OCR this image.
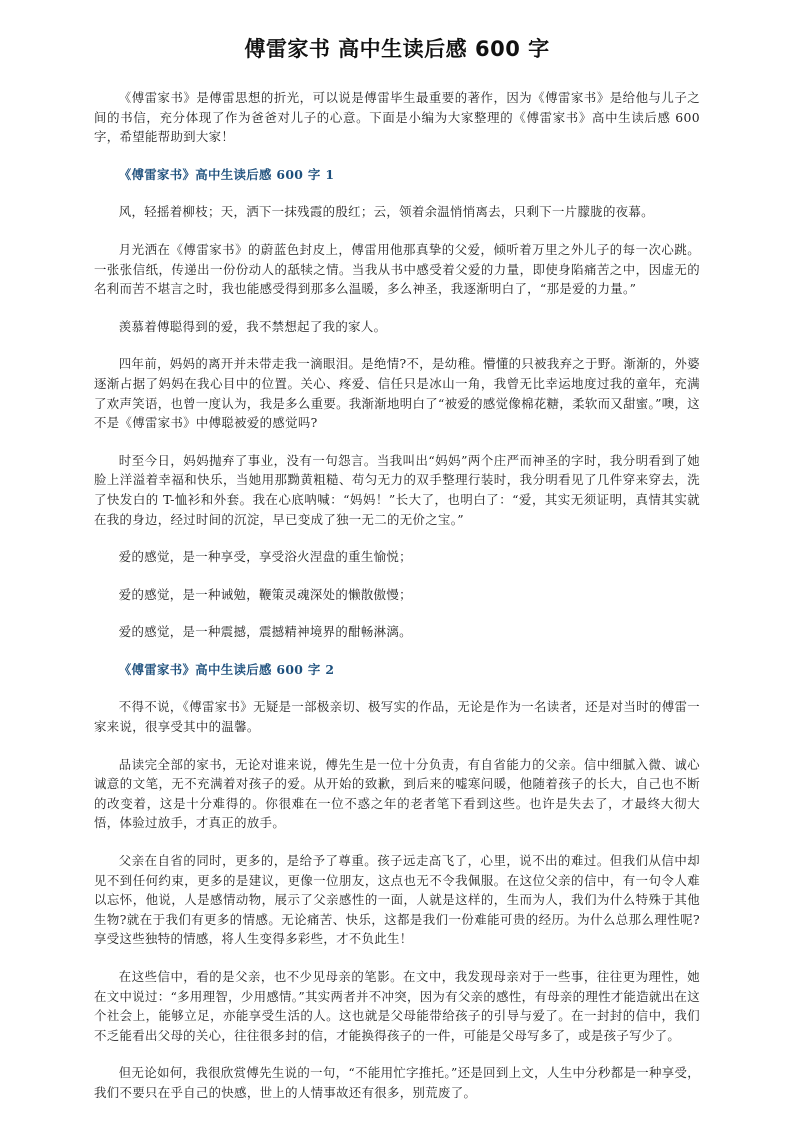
傅雷家书 高中生读后感 600 字

《傅雷家书》是傅雷思想的折光，可以说是傅雷毕生最重要的著作，因为《傅雷家书》是给他与儿子之间的书信，充分体现了作为爸爸对儿子的心意。下面是小编为大家整理的《傅雷家书》高中生读后感 600 字，希望能帮助到大家！

《傅雷家书》高中生读后感 600 字 1

风，轻摇着柳枝；天，洒下一抹残霞的殷红；云，领着余温悄悄离去，只剩下一片朦胧的夜幕。

月光洒在《傅雷家书》的蔚蓝色封皮上，傅雷用他那真挚的父爱，倾听着万里之外儿子的每一次心跳。一张张信纸，传递出一份份动人的舐犊之情。当我从书中感受着父爱的力量，即使身陷痛苦之中，因虚无的名利而苦不堪言之时，我也能感受得到那多么温暖，多么神圣，我逐渐明白了，“那是爱的力量。”

羡慕着傅聪得到的爱，我不禁想起了我的家人。

四年前，妈妈的离开并未带走我一滴眼泪。是绝情?不，是幼稚。懵懂的只被我弃之于野。渐渐的，外婆逐渐占据了妈妈在我心目中的位置。关心、疼爱、信任只是冰山一角，我曾无比幸运地度过我的童年，充满了欢声笑语，也曾一度认为，我是多么重要。我渐渐地明白了“被爱的感觉像棉花糖，柔软而又甜蜜。”噢，这不是《傅雷家书》中傅聪被爱的感觉吗?

时至今日，妈妈抛弃了事业，没有一句怨言。当我叫出“妈妈”两个庄严而神圣的字时，我分明看到了她脸上洋溢着幸福和快乐，当她用那黝黄粗糙、苟匀无力的双手整理行装时，我分明看见了几件穿来穿去，洗了快发白的 T-恤衫和外套。我在心底呐喊：“妈妈！”长大了，也明白了：“爱，其实无须证明，真情其实就在我的身边，经过时间的沉淀，早已变成了独一无二的无价之宝。”

爱的感觉，是一种享受，享受浴火涅盘的重生愉悦；

爱的感觉，是一种诫勉，鞭策灵魂深处的懒散傲慢；

爱的感觉，是一种震撼，震撼精神境界的酣畅淋漓。

《傅雷家书》高中生读后感 600 字 2

不得不说，《傅雷家书》无疑是一部极亲切、极写实的作品，无论是作为一名读者，还是对当时的傅雷一家来说，很享受其中的温馨。

品读完全部的家书，无论对谁来说，傅先生是一位十分负责，有自省能力的父亲。信中细腻入微、诚心诚意的文笔，无不充满着对孩子的爱。从开始的致歉，到后来的嘘寒问暖，他随着孩子的长大，自己也不断的改变着，这是十分难得的。你很难在一位不惑之年的老者笔下看到这些。也许是失去了，才最终大彻大悟，体验过放手，才真正的放手。

父亲在自省的同时，更多的，是给予了尊重。孩子远走高飞了，心里，说不出的难过。但我们从信中却见不到任何约束，更多的是建议，更像一位朋友，这点也无不令我佩服。在这位父亲的信中，有一句令人难以忘怀，他说，人是感情动物，展示了父亲感性的一面，人就是这样的，生而为人，我们为什么特殊于其他生物?就在于我们有更多的情感。无论痛苦、快乐，这都是我们一份难能可贵的经历。为什么总那么理性呢?享受这些独特的情感，将人生变得多彩些，才不负此生！

在这些信中，看的是父亲，也不少见母亲的笔影。在文中，我发现母亲对于一些事，往往更为理性，她在文中说过：“多用理智，少用感情。”其实两者并不冲突，因为有父亲的感性，有母亲的理性才能造就出在这个社会上，能够立足，亦能享受生活的人。这也就是父母能带给孩子的引导与爱了。在一封封的信中，我们不乏能看出父母的关心，往往很多封的信，才能换得孩子的一件，可能是父母写多了，或是孩子写少了。

但无论如何，我很欣赏傅先生说的一句，“不能用忙字推托。”还是回到上文，人生中分秒都是一种享受，我们不要只在乎自己的快感，世上的人情事故还有很多，别荒废了。
